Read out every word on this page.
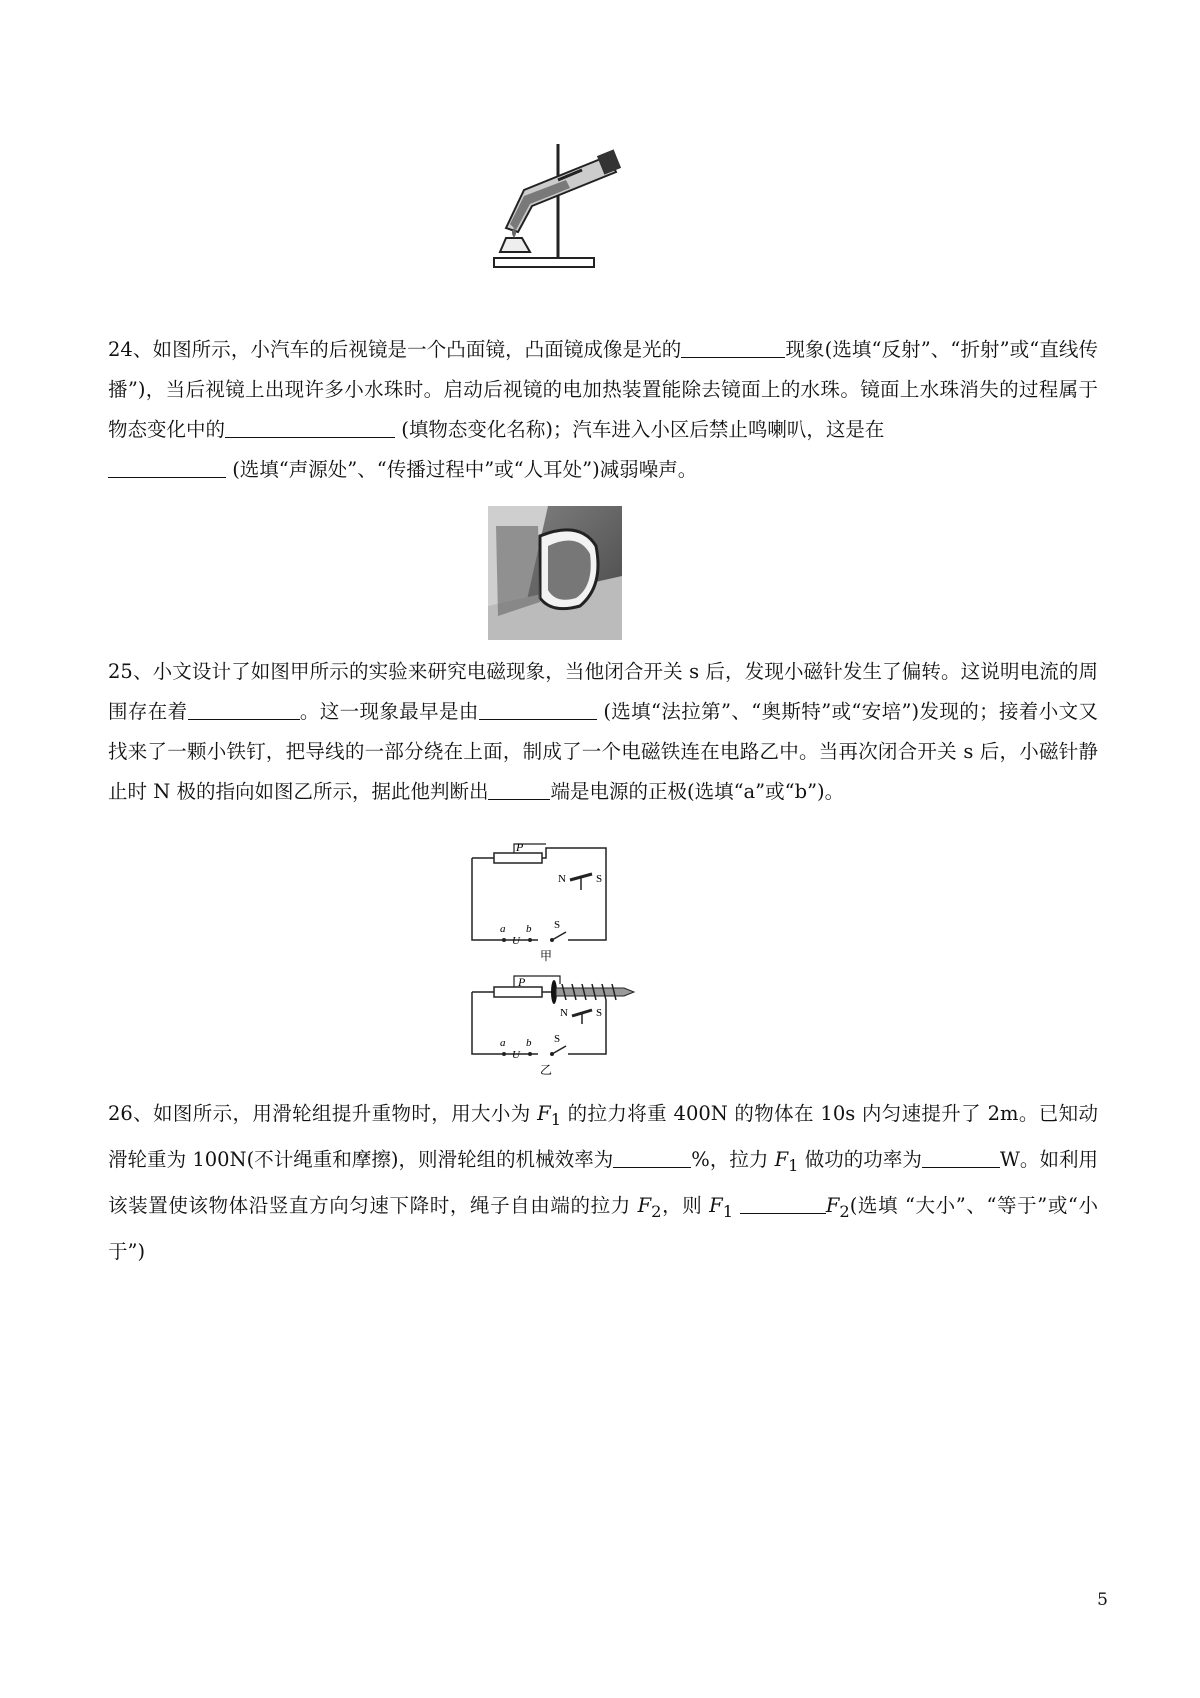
24、如图所示，小汽车的后视镜是一个凸面镜，凸面镜成像是光的	现象(选填“反射”、“折射”或“直线传播”)，当后视镜上出现许多小水珠时。启动后视镜的电加热装置能除去镜面上的水珠。镜面上水珠消失的过程属于物态变化中的	(填物态变化名称)；汽车进入小区后禁止鸣喇叭，这是在
(选填“声源处”、“传播过程中”或“人耳处”)减弱噪声。

25、小文设计了如图甲所示的实验来研究电磁现象，当他闭合开关 s 后，发现小磁针发生了偏转。这说明电流的周围存在着	。这一现象最早是由	(选填“法拉第”、“奥斯特”或“安培”)发现的；接着小文又找来了一颗小铁钉，把导线的一部分绕在上面，制成了一个电磁铁连在电路乙中。当再次闭合开关 s 后，小磁针静止时 N 极的指向如图乙所示，据此他判断出	端是电源的正极(选填“a”或“b”)。

P
N	S
a b
U
S
甲
P
N	S
a b
U
S
乙

26、如图所示，用滑轮组提升重物时，用大小为 $F_1$ 的拉力将重 400N 的物体在 10s 内匀速提升了 2m。已知动滑轮重为 100N(不计绳重和摩擦)，则滑轮组的机械效率为	%，拉力 $F_1$ 做功的功率为	W。如利用该装置使该物体沿竖直方向匀速下降时，绳子自由端的拉力 $F_2$，则 $F_1$	$F_2$(选填 “大小”、“等于”或“小于”)

5
